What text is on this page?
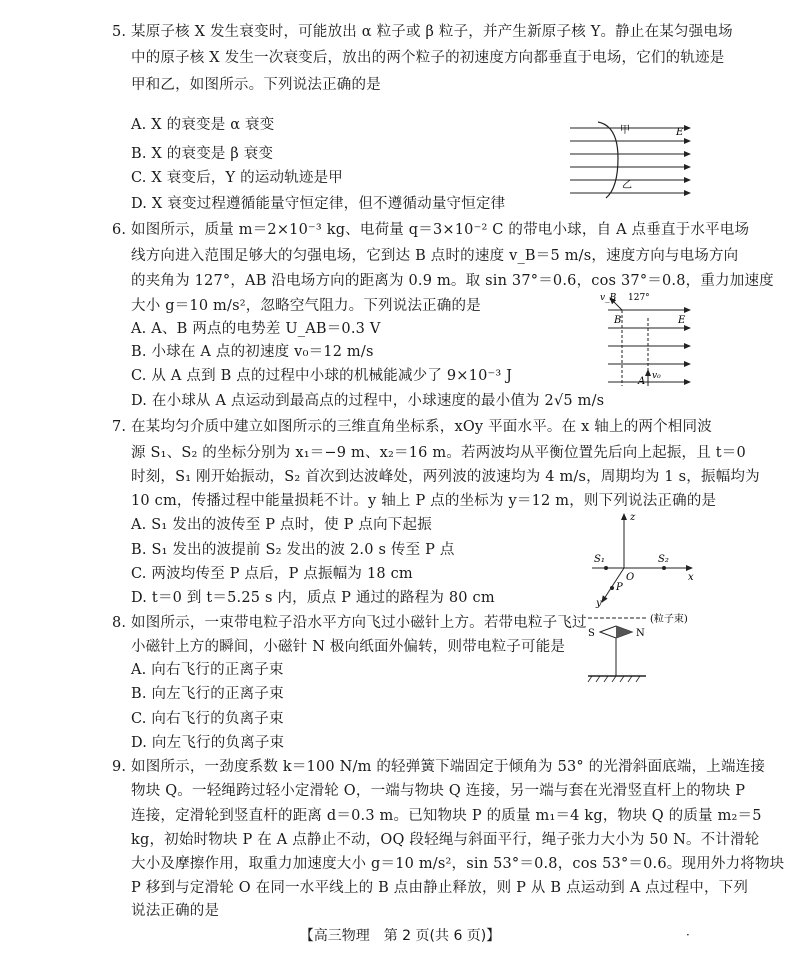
5. 某原子核 X 发生衰变时，可能放出 α 粒子或 β 粒子，并产生新原子核 Y。静止在某匀强电场
中的原子核 X 发生一次衰变后，放出的两个粒子的初速度方向都垂直于电场，它们的轨迹是
甲和乙，如图所示。下列说法正确的是
A. X 的衰变是 α 衰变
B. X 的衰变是 β 衰变
C. X 衰变后，Y 的运动轨迹是甲
D. X 衰变过程遵循能量守恒定律，但不遵循动量守恒定律
甲
乙
E
6. 如图所示，质量 m＝2×10⁻³ kg、电荷量 q＝3×10⁻² C 的带电小球，自 A 点垂直于水平电场
线方向进入范围足够大的匀强电场，它到达 B 点时的速度 v_B＝5 m/s，速度方向与电场方向
的夹角为 127°，AB 沿电场方向的距离为 0.9 m。取 sin 37°＝0.6，cos 37°＝0.8，重力加速度
大小 g＝10 m/s²，忽略空气阻力。下列说法正确的是
A. A、B 两点的电势差 U_AB＝0.3 V
B. 小球在 A 点的初速度 v₀＝12 m/s
C. 从 A 点到 B 点的过程中小球的机械能减少了 9×10⁻³ J
D. 在小球从 A 点运动到最高点的过程中，小球速度的最小值为 2√5 m/s
v_B 127°
B	E
A v₀
7. 在某均匀介质中建立如图所示的三维直角坐标系，xOy 平面水平。在 x 轴上的两个相同波
源 S₁、S₂ 的坐标分别为 x₁＝−9 m、x₂＝16 m。若两波均从平衡位置先后向上起振，且 t＝0
时刻，S₁ 刚开始振动，S₂ 首次到达波峰处，两列波的波速均为 4 m/s，周期均为 1 s，振幅均为
10 cm，传播过程中能量损耗不计。y 轴上 P 点的坐标为 y＝12 m，则下列说法正确的是
A. S₁ 发出的波传至 P 点时，使 P 点向下起振
B. S₁ 发出的波提前 S₂ 发出的波 2.0 s 传至 P 点
C. 两波均传至 P 点后，P 点振幅为 18 cm
D. t＝0 到 t＝5.25 s 内，质点 P 通过的路程为 80 cm
z
S₁	S₂
O	x
P
y
8. 如图所示，一束带电粒子沿水平方向飞过小磁针上方。若带电粒子飞过
小磁针上方的瞬间，小磁针 N 极向纸面外偏转，则带电粒子可能是
A. 向右飞行的正离子束
B. 向左飞行的正离子束
C. 向右飞行的负离子束
D. 向左飞行的负离子束
(粒子束)
S	N
9. 如图所示，一劲度系数 k＝100 N/m 的轻弹簧下端固定于倾角为 53° 的光滑斜面底端，上端连接
物块 Q。一轻绳跨过轻小定滑轮 O，一端与物块 Q 连接，另一端与套在光滑竖直杆上的物块 P
连接，定滑轮到竖直杆的距离 d＝0.3 m。已知物块 P 的质量 m₁＝4 kg，物块 Q 的质量 m₂＝5
kg，初始时物块 P 在 A 点静止不动，OQ 段轻绳与斜面平行，绳子张力大小为 50 N。不计滑轮
大小及摩擦作用，取重力加速度大小 g＝10 m/s²，sin 53°＝0.8，cos 53°＝0.6。现用外力将物块
P 移到与定滑轮 O 在同一水平线上的 B 点由静止释放，则 P 从 B 点运动到 A 点过程中，下列
说法正确的是
【高三物理　第 2 页(共 6 页)】	·
